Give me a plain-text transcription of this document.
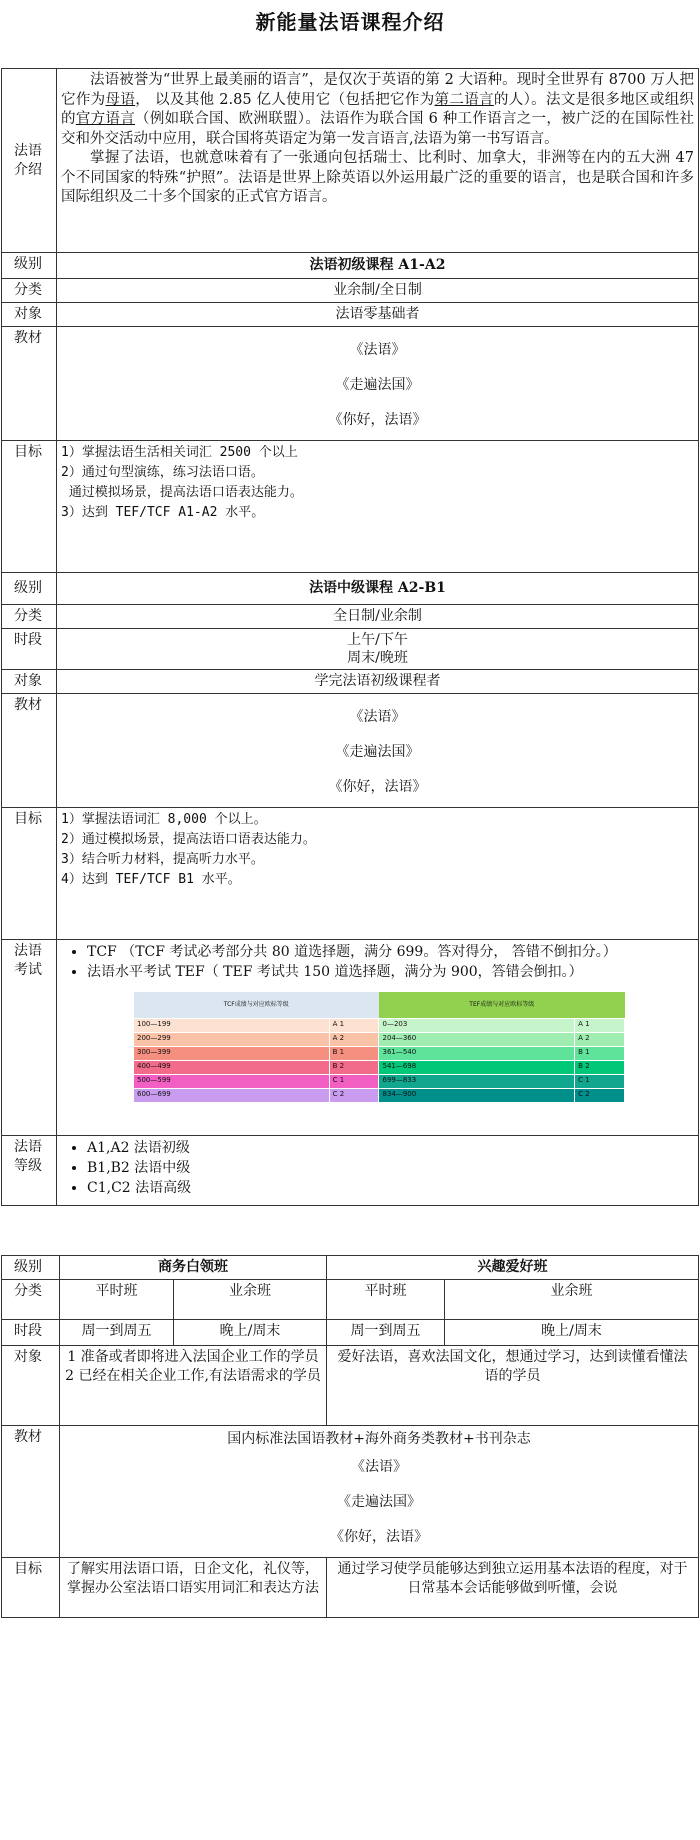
新能量法语课程介绍
法语
介绍	

法语被誉为“世界上最美丽的语言”，是仅次于英语的第 2 大语种。现时全世界有 8700 万人把它作为母语， 以及其他 2.85 亿人使用它（包括把它作为第二语言的人）。法文是很多地区或组织的官方语言（例如联合国、欧洲联盟）。法语作为联合国 6 种工作语言之一，被广泛的在国际性社交和外交活动中应用，联合国将英语定为第一发言语言,法语为第一书写语言。

掌握了法语，也就意味着有了一张通向包括瑞士、比利时、加拿大，非洲等在内的五大洲 47 个不同国家的特殊“护照”。法语是世界上除英语以外运用最广泛的重要的语言，也是联合国和许多国际组织及二十多个国家的正式官方语言。

级别	法语初级课程 A1-A2
分类	业余制/全日制
对象	法语零基础者
教材	

《法语》

《走遍法国》

《你好，法语》

目标	1）掌握法语生活相关词汇 2500 个以上
2）通过句型演练，练习法语口语。
通过模拟场景，提高法语口语表达能力。
3）达到 TEF/TCF A1-A2 水平。

级别	法语中级课程 A2-B1
分类	全日制/业余制
时段	上午/下午
周末/晚班

对象	学完法语初级课程者
教材	

《法语》

《走遍法国》

《你好，法语》

目标	1）掌握法语词汇 8,000 个以上。
2）通过模拟场景，提高法语口语表达能力。
3）结合听力材料，提高听力水平。
4）达到 TEF/TCF B1 水平。

法语
考试	
• TCF （TCF 考试必考部分共 80 道选择题，满分 699。答对得分， 答错不倒扣分。）
• 法语水平考试 TEF（ TEF 考试共 150 道选择题，满分为 900，答错会倒扣。）
TCF成绩与对应欧标等级	TEF成绩与对应欧标等级
100—199	A 1	0—203	A 1
200—299	A 2	204—360	A 2
300—399	B 1	361—540	B 1
400—499	B 2	541—698	B 2
500—599	C 1	699—833	C 1
600—699	C 2	834—900	C 2

法语
等级	
• A1,A2 法语初级
• B1,B2 法语中级
• C1,C2 法语高级
级别	商务白领班		兴趣爱好班	
分类	平时班	业余班	平时班	业余班
时段	周一到周五	晚上/周末	周一到周五	晚上/周末
对象	1 准备或者即将进入法国企业工作的学员
2 已经在相关企业工作,有法语需求的学员		爱好法语，喜欢法国文化，想通过学习，达到读懂看懂法语的学员	
教材	国内标准法国语教材+海外商务类教材+书刊杂志

《法语》

《走遍法国》

《你好，法语》			

目标	了解实用法语口语，日企文化，礼仪等，掌握办公室法语口语实用词汇和表达方法		通过学习使学员能够达到独立运用基本法语的程度，对于日常基本会话能够做到听懂，会说	
